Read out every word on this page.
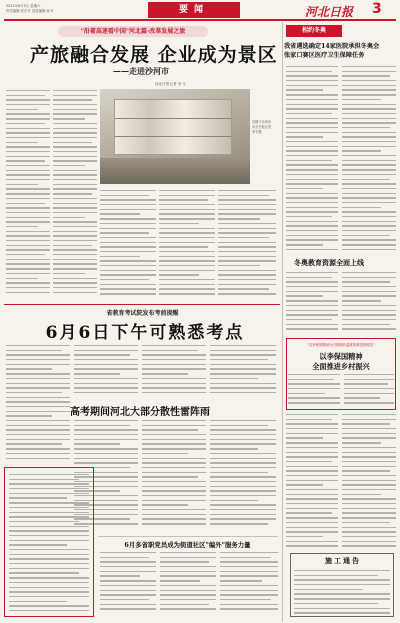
2021年6月5日 星期六
责任编辑:任东升 视觉编辑:孙书	要闻	河北日报 3
"沿着高速看中国"河北篇·改革发展之旅
产旅融合发展 企业成为景区
——走进沙河市
河北日报记者 李 专
拍摄于沙河市
河北日报记者
李专摄
相约冬奥
我省遴选确定14家医院承担冬奥会
张家口赛区医疗卫生保障任务
冬奥教育资源全面上线
"以李保国精神为引领做有温度的科技特派员"
以李保国精神
全面推进乡村振兴
施工通告
省教育考试院发布考前提醒
6月6日下午可熟悉考点
高考期间河北大部分散性雷阵雨
6月多省职党员成为街道社区"编外"服务力量
